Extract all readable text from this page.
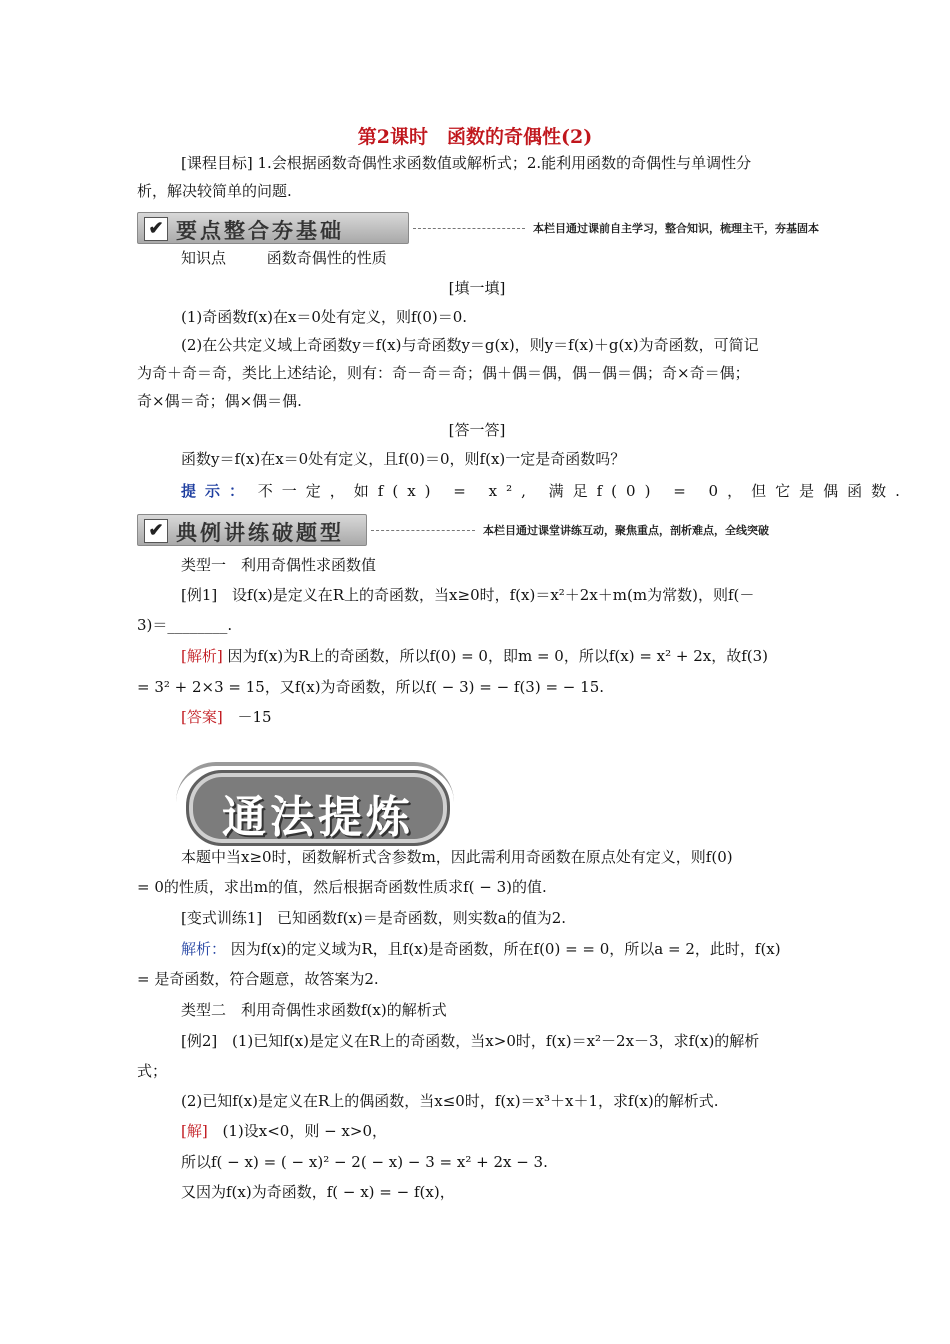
第2课时　函数的奇偶性(2)
[课程目标] 1.会根据函数奇偶性求函数值或解析式；2.能利用函数的奇偶性与单调性分
析，解决较简单的问题.
✔ 要点整合夯基础	本栏目通过课前自主学习，整合知识，梳理主干，夯基固本
知识点	函数奇偶性的性质
[填一填]
(1)奇函数f(x)在x＝0处有定义，则f(0)＝0.
(2)在公共定义域上奇函数y＝f(x)与奇函数y＝g(x)，则y＝f(x)＋g(x)为奇函数，可简记
为奇＋奇＝奇，类比上述结论，则有：奇－奇＝奇；偶＋偶＝偶，偶－偶＝偶；奇×奇＝偶；
奇×偶＝奇；偶×偶＝偶.
[答一答]
函数y＝f(x)在x＝0处有定义，且f(0)＝0，则f(x)一定是奇函数吗？
提示： 不一定，如f(x) = x², 满足f(0) = 0，但它是偶函数.
✔ 典例讲练破题型	本栏目通过课堂讲练互动，聚焦重点，剖析难点，全线突破
类型一　利用奇偶性求函数值
[例1] 设f(x)是定义在R上的奇函数，当x≥0时，f(x)＝x²＋2x＋m(m为常数)，则f(－
3)＝________.
[解析] 因为f(x)为R上的奇函数，所以f(0) = 0，即m = 0，所以f(x) = x² + 2x，故f(3)
= 3² + 2×3 = 15，又f(x)为奇函数，所以f( − 3) = − f(3) = − 15.
[答案] －15
通法提炼
本题中当x≥0时，函数解析式含参数m，因此需利用奇函数在原点处有定义，则f(0)
= 0的性质，求出m的值，然后根据奇函数性质求f( − 3)的值.
[变式训练1] 已知函数f(x)＝是奇函数，则实数a的值为2.
解析： 因为f(x)的定义域为R，且f(x)是奇函数，所在f(0) = = 0，所以a = 2，此时，f(x)
= 是奇函数，符合题意，故答案为2.
类型二　利用奇偶性求函数f(x)的解析式
[例2] (1)已知f(x)是定义在R上的奇函数，当x>0时，f(x)＝x²－2x－3，求f(x)的解析
式；
(2)已知f(x)是定义在R上的偶函数，当x≤0时，f(x)＝x³＋x＋1，求f(x)的解析式.
[解] (1)设x<0，则 − x>0，
所以f( − x) = ( − x)² − 2( − x) − 3 = x² + 2x − 3.
又因为f(x)为奇函数，f( − x) = − f(x)，
